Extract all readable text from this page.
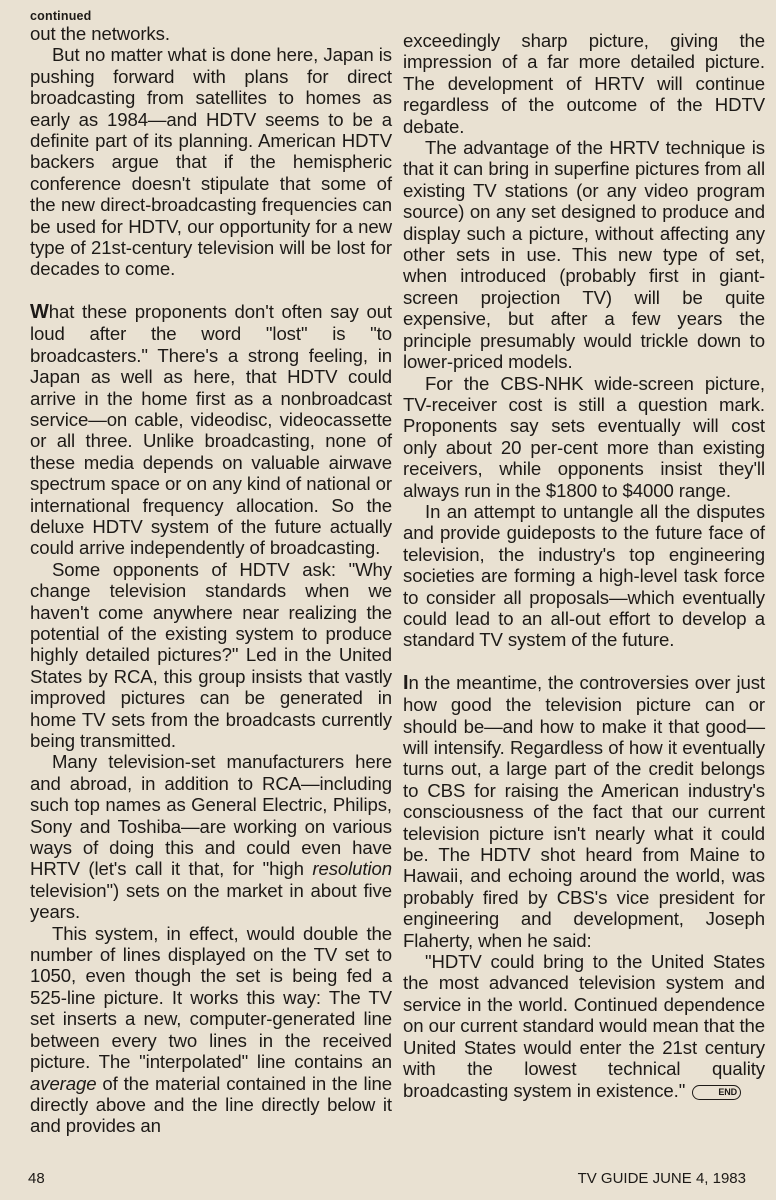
continued

out the networks.

But no matter what is done here, Japan is pushing forward with plans for direct broadcasting from satellites to homes as early as 1984—and HDTV seems to be a definite part of its planning. American HDTV backers argue that if the hemispheric conference doesn't stipulate that some of the new direct-broadcasting frequencies can be used for HDTV, our opportunity for a new type of 21st-century television will be lost for decades to come.

What these proponents don't often say out loud after the word "lost" is "to broadcasters." There's a strong feeling, in Japan as well as here, that HDTV could arrive in the home first as a nonbroadcast service—on cable, videodisc, videocassette or all three. Unlike broadcasting, none of these media depends on valuable airwave spectrum space or on any kind of national or international frequency allocation. So the deluxe HDTV system of the future actually could arrive independently of broadcasting.

Some opponents of HDTV ask: "Why change television standards when we haven't come anywhere near realizing the potential of the existing system to produce highly detailed pictures?" Led in the United States by RCA, this group insists that vastly improved pictures can be generated in home TV sets from the broadcasts currently being transmitted.

Many television-set manufacturers here and abroad, in addition to RCA—including such top names as General Electric, Philips, Sony and Toshiba—are working on various ways of doing this and could even have HRTV (let's call it that, for "high resolution television") sets on the market in about five years.

This system, in effect, would double the number of lines displayed on the TV set to 1050, even though the set is being fed a 525-line picture. It works this way: The TV set inserts a new, computer-generated line between every two lines in the received picture. The "interpolated" line contains an average of the material contained in the line directly above and the line directly below it and provides an

exceedingly sharp picture, giving the impression of a far more detailed picture. The development of HRTV will continue regardless of the outcome of the HDTV debate.

The advantage of the HRTV technique is that it can bring in superfine pictures from all existing TV stations (or any video program source) on any set designed to produce and display such a picture, without affecting any other sets in use. This new type of set, when introduced (probably first in giant-screen projection TV) will be quite expensive, but after a few years the principle presumably would trickle down to lower-priced models.

For the CBS-NHK wide-screen picture, TV-receiver cost is still a question mark. Proponents say sets eventually will cost only about 20 per-cent more than existing receivers, while opponents insist they'll always run in the $1800 to $4000 range.

In an attempt to untangle all the disputes and provide guideposts to the future face of television, the industry's top engineering societies are forming a high-level task force to consider all proposals—which eventually could lead to an all-out effort to develop a standard TV system of the future.

In the meantime, the controversies over just how good the television picture can or should be—and how to make it that good—will intensify. Regardless of how it eventually turns out, a large part of the credit belongs to CBS for raising the American industry's consciousness of the fact that our current television picture isn't nearly what it could be. The HDTV shot heard from Maine to Hawaii, and echoing around the world, was probably fired by CBS's vice president for engineering and development, Joseph Flaherty, when he said:

"HDTV could bring to the United States the most advanced television system and service in the world. Continued dependence on our current standard would mean that the United States would enter the 21st century with the lowest technical quality broadcasting system in existence."	END

48	TV GUIDE JUNE 4, 1983
